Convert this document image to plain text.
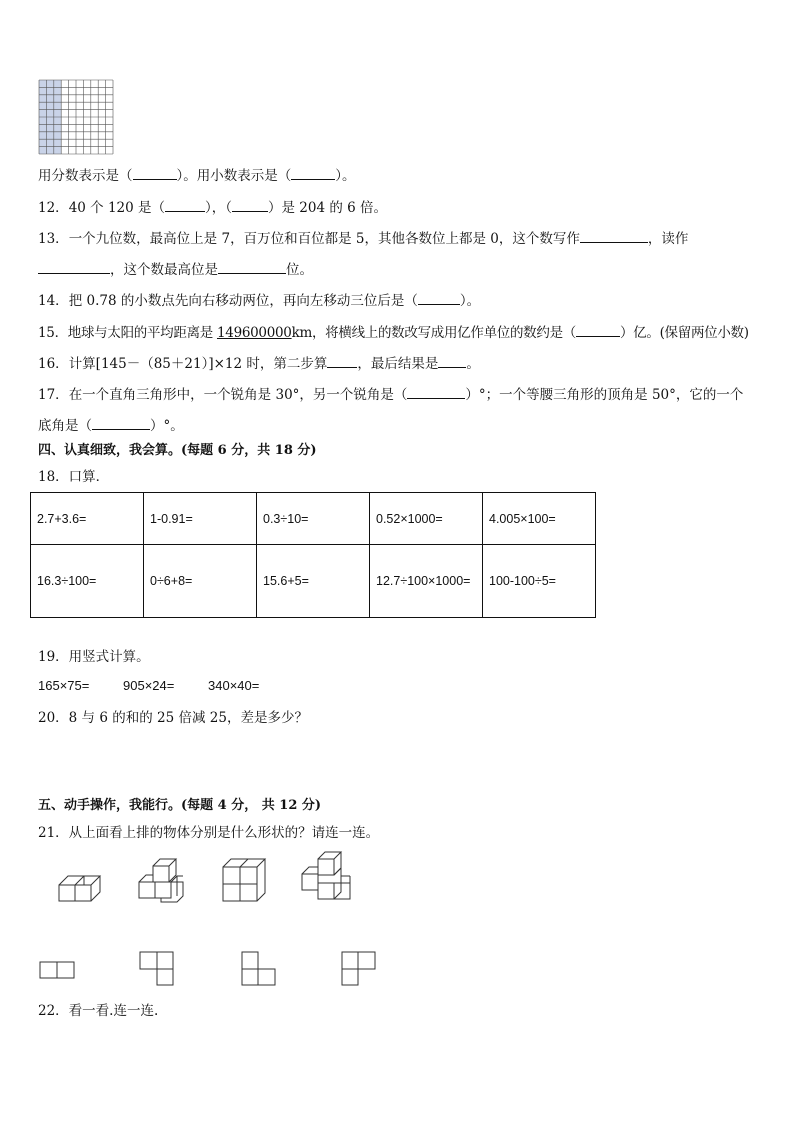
用分数表示是（	）。用小数表示是（	）。
12．40 个 120 是（	），（	）是 204 的 6 倍。
13．一个九位数，最高位上是 7，百万位和百位都是 5，其他各数位上都是 0，这个数写作	，读作
，这个数最高位是	位。
14．把 0.78 的小数点先向右移动两位，再向左移动三位后是（	）。
15．地球与太阳的平均距离是 149600000km，将横线上的数改写成用亿作单位的数约是（	）亿。(保留两位小数)
16．计算[145－（85＋21）]×12 时，第二步算 ，最后结果是 。
17．在一个直角三角形中，一个锐角是 30°，另一个锐角是（	）°；一个等腰三角形的顶角是 50°，它的一个
底角是（	）°。
四、认真细致，我会算。(每题 6 分，共 18 分)
18．口算．
2.7+3.6=	1-0.91=	0.3÷10=	0.52×1000=	4.005×100=
16.3÷100=	0÷6+8=	15.6+5=	12.7÷100×1000=	100-100÷5=
19．用竖式计算。
165×75=	905×24=	340×40=
20．8 与 6 的和的 25 倍减 25，差是多少？
五、动手操作，我能行。(每题 4 分， 共 12 分)
21．从上面看上排的物体分别是什么形状的？请连一连。
22．看一看.连一连.
